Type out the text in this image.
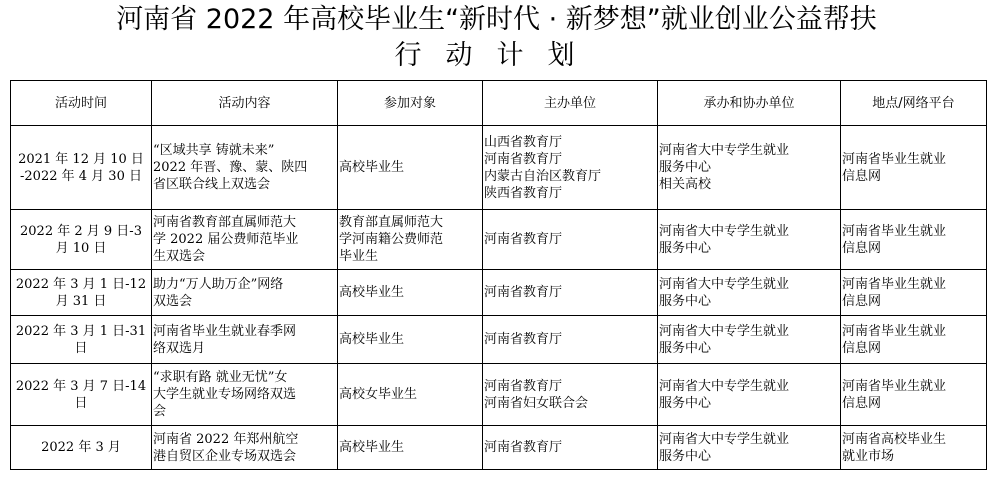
河南省 2022 年高校毕业生“新时代 · 新梦想”就业创业公益帮扶
行动计划
活动时间	活动内容	参加对象	主办单位	承办和协办单位	地点/网络平台

2021 年 12 月 10 日
-2022 年 4 月 30 日	“区域共享 铸就未来”
2022 年晋、豫、蒙、陕四
省区联合线上双选会	高校毕业生	山西省教育厅
河南省教育厅
内蒙古自治区教育厅
陕西省教育厅	河南省大中专学生就业
服务中心
相关高校	河南省毕业生就业
信息网

2022 年 2 月 9 日-3
月 10 日	河南省教育部直属师范大
学 2022 届公费师范毕业
生双选会	教育部直属师范大
学河南籍公费师范
毕业生	河南省教育厅	河南省大中专学生就业
服务中心	河南省毕业生就业
信息网

2022 年 3 月 1 日-12
月 31 日	助力“万人助万企”网络
双选会	高校毕业生	河南省教育厅	河南省大中专学生就业
服务中心	河南省毕业生就业
信息网

2022 年 3 月 1 日-31
日	河南省毕业生就业春季网
络双选月	高校毕业生	河南省教育厅	河南省大中专学生就业
服务中心	河南省毕业生就业
信息网

2022 年 3 月 7 日-14
日	“求职有路 就业无忧”女
大学生就业专场网络双选
会	高校女毕业生	河南省教育厅
河南省妇女联合会	河南省大中专学生就业
服务中心	河南省毕业生就业
信息网

2022 年 3 月	河南省 2022 年郑州航空
港自贸区企业专场双选会	高校毕业生	河南省教育厅	河南省大中专学生就业
服务中心	河南省高校毕业生
就业市场
